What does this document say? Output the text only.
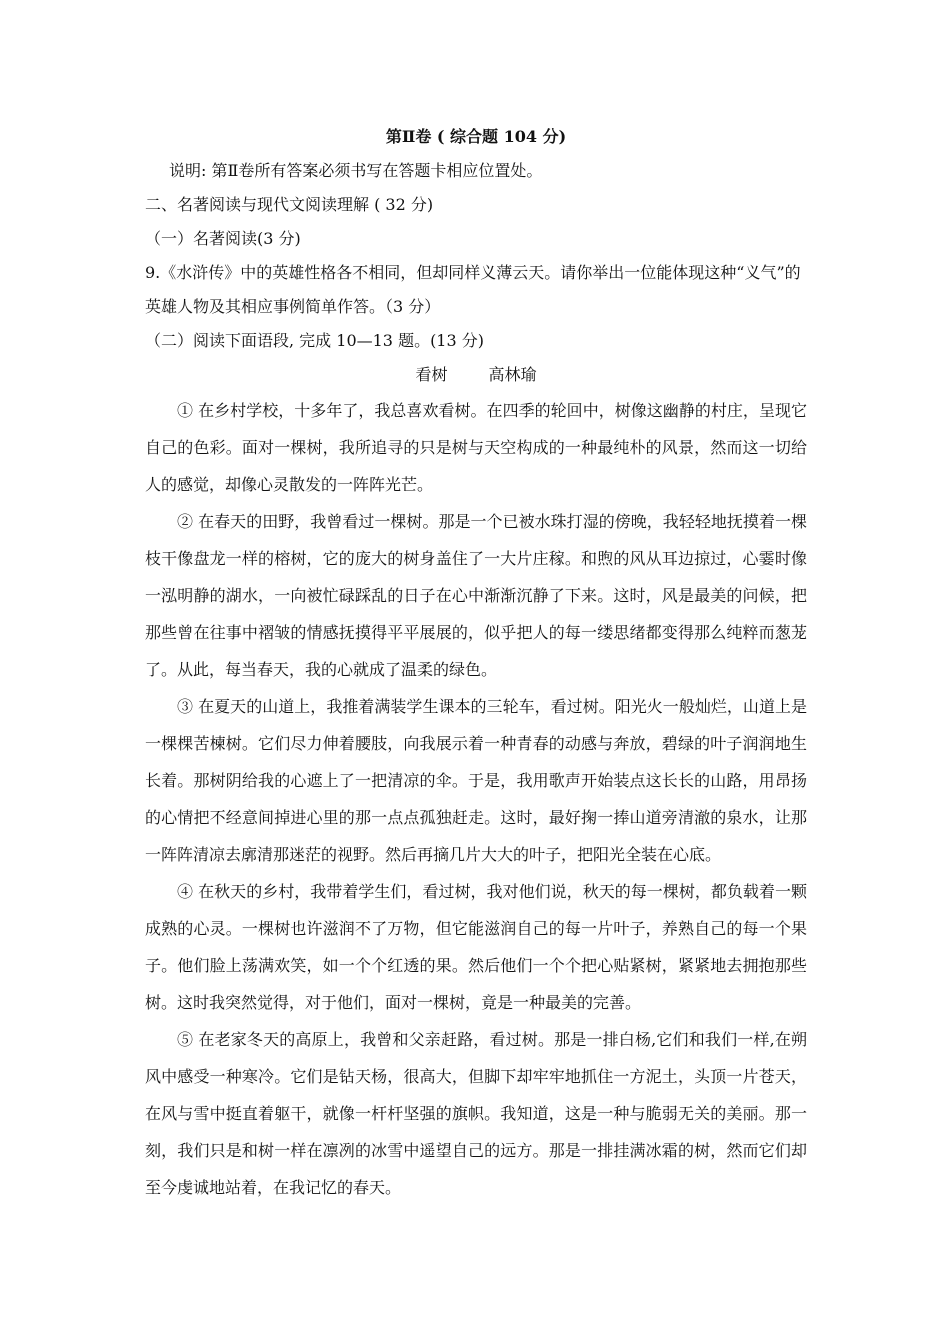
第Ⅱ卷 ( 综合题 104 分)

说明: 第Ⅱ卷所有答案必须书写在答题卡相应位置处。

二、名著阅读与现代文阅读理解 ( 32 分)

（一）名著阅读(3 分)

9.《水浒传》中的英雄性格各不相同，但却同样义薄云天。请你举出一位能体现这种“义气”的英雄人物及其相应事例简单作答。（3 分）

（二）阅读下面语段, 完成 10—13 题。(13 分)

看树	高林瑜

① 在乡村学校，十多年了，我总喜欢看树。在四季的轮回中，树像这幽静的村庄，呈现它自己的色彩。面对一棵树，我所追寻的只是树与天空构成的一种最纯朴的风景，然而这一切给人的感觉，却像心灵散发的一阵阵光芒。

② 在春天的田野，我曾看过一棵树。那是一个已被水珠打湿的傍晚，我轻轻地抚摸着一棵枝干像盘龙一样的榕树，它的庞大的树身盖住了一大片庄稼。和煦的风从耳边掠过，心霎时像一泓明静的湖水，一向被忙碌踩乱的日子在心中渐渐沉静了下来。这时，风是最美的问候，把那些曾在往事中褶皱的情感抚摸得平平展展的，似乎把人的每一缕思绪都变得那么纯粹而葱茏了。从此，每当春天，我的心就成了温柔的绿色。

③ 在夏天的山道上，我推着满装学生课本的三轮车，看过树。阳光火一般灿烂，山道上是一棵棵苦楝树。它们尽力伸着腰肢，向我展示着一种青春的动感与奔放，碧绿的叶子润润地生长着。那树阴给我的心遮上了一把清凉的伞。于是，我用歌声开始装点这长长的山路，用昂扬的心情把不经意间掉进心里的那一点点孤独赶走。这时，最好掬一捧山道旁清澈的泉水，让那一阵阵清凉去廓清那迷茫的视野。然后再摘几片大大的叶子，把阳光全装在心底。

④ 在秋天的乡村，我带着学生们，看过树，我对他们说，秋天的每一棵树，都负载着一颗成熟的心灵。一棵树也许滋润不了万物，但它能滋润自己的每一片叶子，养熟自己的每一个果子。他们脸上荡满欢笑，如一个个红透的果。然后他们一个个把心贴紧树，紧紧地去拥抱那些树。这时我突然觉得，对于他们，面对一棵树，竟是一种最美的完善。

⑤ 在老家冬天的高原上，我曾和父亲赶路，看过树。那是一排白杨,它们和我们一样,在朔风中感受一种寒冷。它们是钻天杨，很高大，但脚下却牢牢地抓住一方泥土，头顶一片苍天，在风与雪中挺直着躯干，就像一杆杆坚强的旗帜。我知道，这是一种与脆弱无关的美丽。那一刻，我们只是和树一样在凛冽的冰雪中遥望自己的远方。那是一排挂满冰霜的树，然而它们却至今虔诚地站着，在我记忆的春天。
